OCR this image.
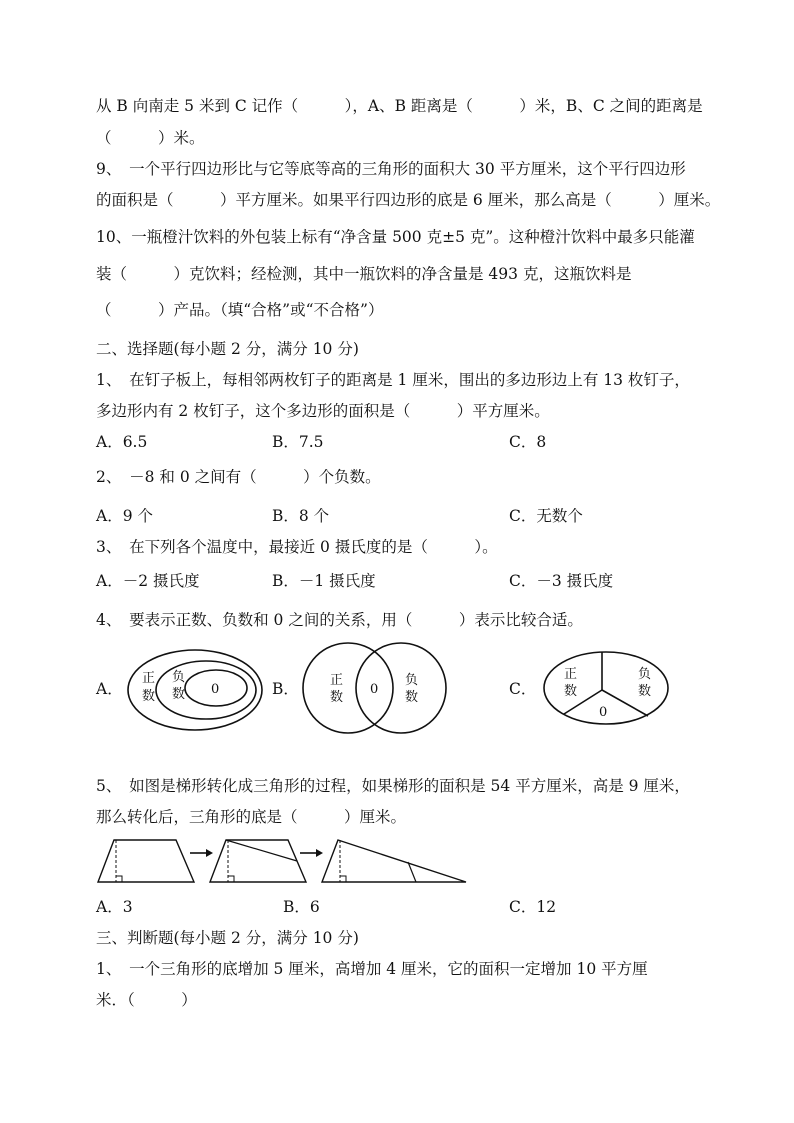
从 B 向南走 5 米到 C 记作（　　　），A、B 距离是（　　　）米，B、C 之间的距离是
（　　　）米。
9、　一个平行四边形比与它等底等高的三角形的面积大 30 平方厘米，这个平行四边形
的面积是（　　　）平方厘米。如果平行四边形的底是 6 厘米，那么高是（　　　）厘米。
10、一瓶橙汁饮料的外包装上标有“净含量 500 克±5 克”。这种橙汁饮料中最多只能灌
装（　　　）克饮料；经检测，其中一瓶饮料的净含量是 493 克，这瓶饮料是
（　　　）产品。（填“合格”或“不合格”）
二、选择题(每小题 2 分，满分 10 分)
1、　在钉子板上，每相邻两枚钉子的距离是 1 厘米，围出的多边形边上有 13 枚钉子，
多边形内有 2 枚钉子，这个多边形的面积是（　　　）平方厘米。
A．6.5	B．7.5	C．8
2、　－8 和 0 之间有（　　　）个负数。
A．9 个	B．8 个	C．无数个
3、　在下列各个温度中，最接近 0 摄氏度的是（　　　）。
A．－2 摄氏度	B．－1 摄氏度	C．－3 摄氏度
4、　要表示正数、负数和 0 之间的关系，用（　　　）表示比较合适。
A．	B．	C．
正
数
负
数 0
正
数
0
负
数
正
数
负
数
0
5、　如图是梯形转化成三角形的过程，如果梯形的面积是 54 平方厘米，高是 9 厘米，
那么转化后，三角形的底是（　　　）厘米。
A．3	B．6	C．12
三、判断题(每小题 2 分，满分 10 分)
1、　一个三角形的底增加 5 厘米，高增加 4 厘米，它的面积一定增加 10 平方厘
米．（　　　）
